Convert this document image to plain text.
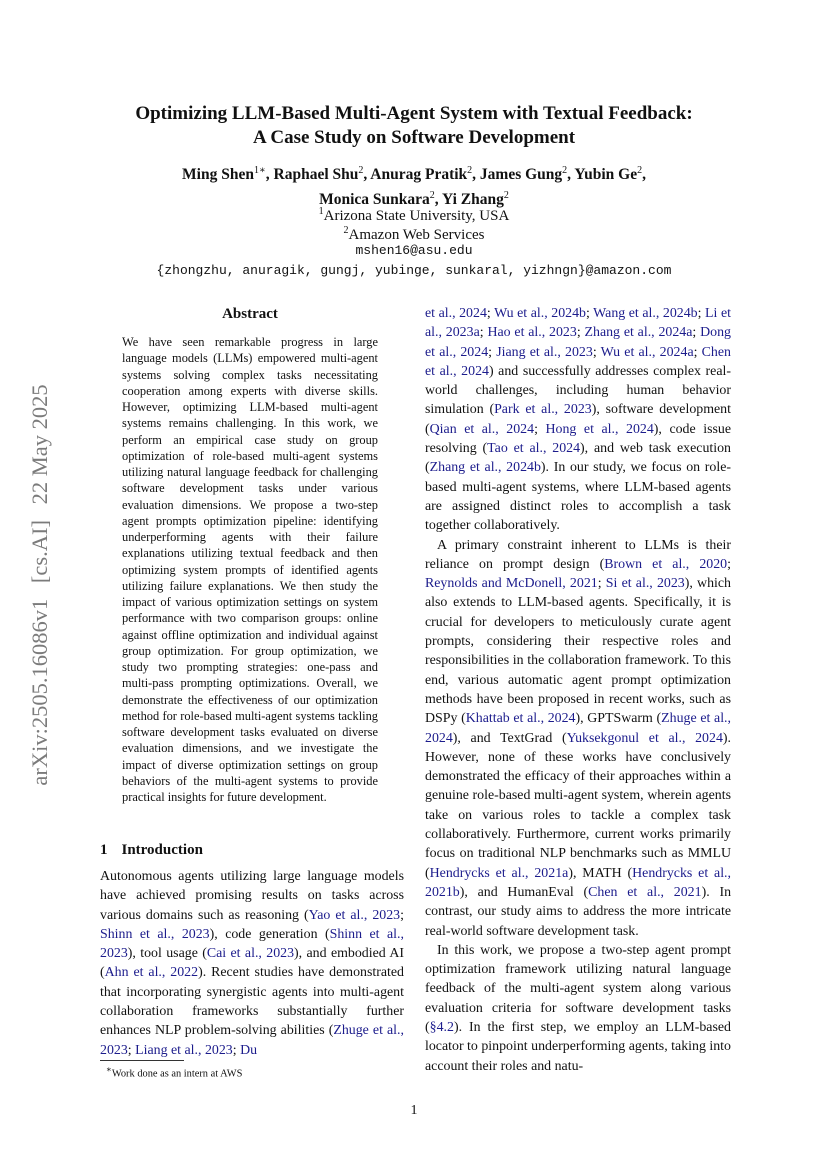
arXiv:2505.16086v1 [cs.AI] 22 May 2025
Optimizing LLM-Based Multi-Agent System with Textual Feedback:
A Case Study on Software Development
Ming Shen$^{1∗}$, Raphael Shu$^2$, Anurag Pratik$^2$, James Gung$^2$, Yubin Ge$^2$,
Monica Sunkara$^2$, Yi Zhang$^2$
$^1$Arizona State University, USA
$^2$Amazon Web Services
mshen16@asu.edu
{zhongzhu, anuragik, gungj, yubinge, sunkaral, yizhngn}@amazon.com
Abstract
We have seen remarkable progress in large language models (LLMs) empowered multi-agent systems solving complex tasks necessitating cooperation among experts with diverse skills. However, optimizing LLM-based multi-agent systems remains challenging. In this work, we perform an empirical case study on group optimization of role-based multi-agent systems utilizing natural language feedback for challenging software development tasks under various evaluation dimensions. We propose a two-step agent prompts optimization pipeline: identifying underperforming agents with their failure explanations utilizing textual feedback and then optimizing system prompts of identified agents utilizing failure explanations. We then study the impact of various optimization settings on system performance with two comparison groups: online against offline optimization and individual against group optimization. For group optimization, we study two prompting strategies: one-pass and multi-pass prompting optimizations. Overall, we demonstrate the effectiveness of our optimization method for role-based multi-agent systems tackling software development tasks evaluated on diverse evaluation dimensions, and we investigate the impact of diverse optimization settings on group behaviors of the multi-agent systems to provide practical insights for future development.
1 Introduction
Autonomous agents utilizing large language models have achieved promising results on tasks across various domains such as reasoning (Yao et al., 2023; Shinn et al., 2023), code generation (Shinn et al., 2023), tool usage (Cai et al., 2023), and embodied AI (Ahn et al., 2022). Recent studies have demonstrated that incorporating synergistic agents into multi-agent collaboration frameworks substantially further enhances NLP problem-solving abilities (Zhuge et al., 2023; Liang et al., 2023; Du

et al., 2024; Wu et al., 2024b; Wang et al., 2024b; Li et al., 2023a; Hao et al., 2023; Zhang et al., 2024a; Dong et al., 2024; Jiang et al., 2023; Wu et al., 2024a; Chen et al., 2024) and successfully addresses complex real-world challenges, including human behavior simulation (Park et al., 2023), software development (Qian et al., 2024; Hong et al., 2024), code issue resolving (Tao et al., 2024), and web task execution (Zhang et al., 2024b). In our study, we focus on role-based multi-agent systems, where LLM-based agents are assigned distinct roles to accomplish a task together collaboratively.

A primary constraint inherent to LLMs is their reliance on prompt design (Brown et al., 2020; Reynolds and McDonell, 2021; Si et al., 2023), which also extends to LLM-based agents. Specifically, it is crucial for developers to meticulously curate agent prompts, considering their respective roles and responsibilities in the collaboration framework. To this end, various automatic agent prompt optimization methods have been proposed in recent works, such as DSPy (Khattab et al., 2024), GPTSwarm (Zhuge et al., 2024), and TextGrad (Yuksekgonul et al., 2024). However, none of these works have conclusively demonstrated the efficacy of their approaches within a genuine role-based multi-agent system, wherein agents take on various roles to tackle a complex task collaboratively. Furthermore, current works primarily focus on traditional NLP benchmarks such as MMLU (Hendrycks et al., 2021a), MATH (Hendrycks et al., 2021b), and HumanEval (Chen et al., 2021). In contrast, our study aims to address the more intricate real-world software development task.

In this work, we propose a two-step agent prompt optimization framework utilizing natural language feedback of the multi-agent system along various evaluation criteria for software development tasks (§4.2). In the first step, we employ an LLM-based locator to pinpoint underperforming agents, taking into account their roles and natu-

∗Work done as an intern at AWS
1
